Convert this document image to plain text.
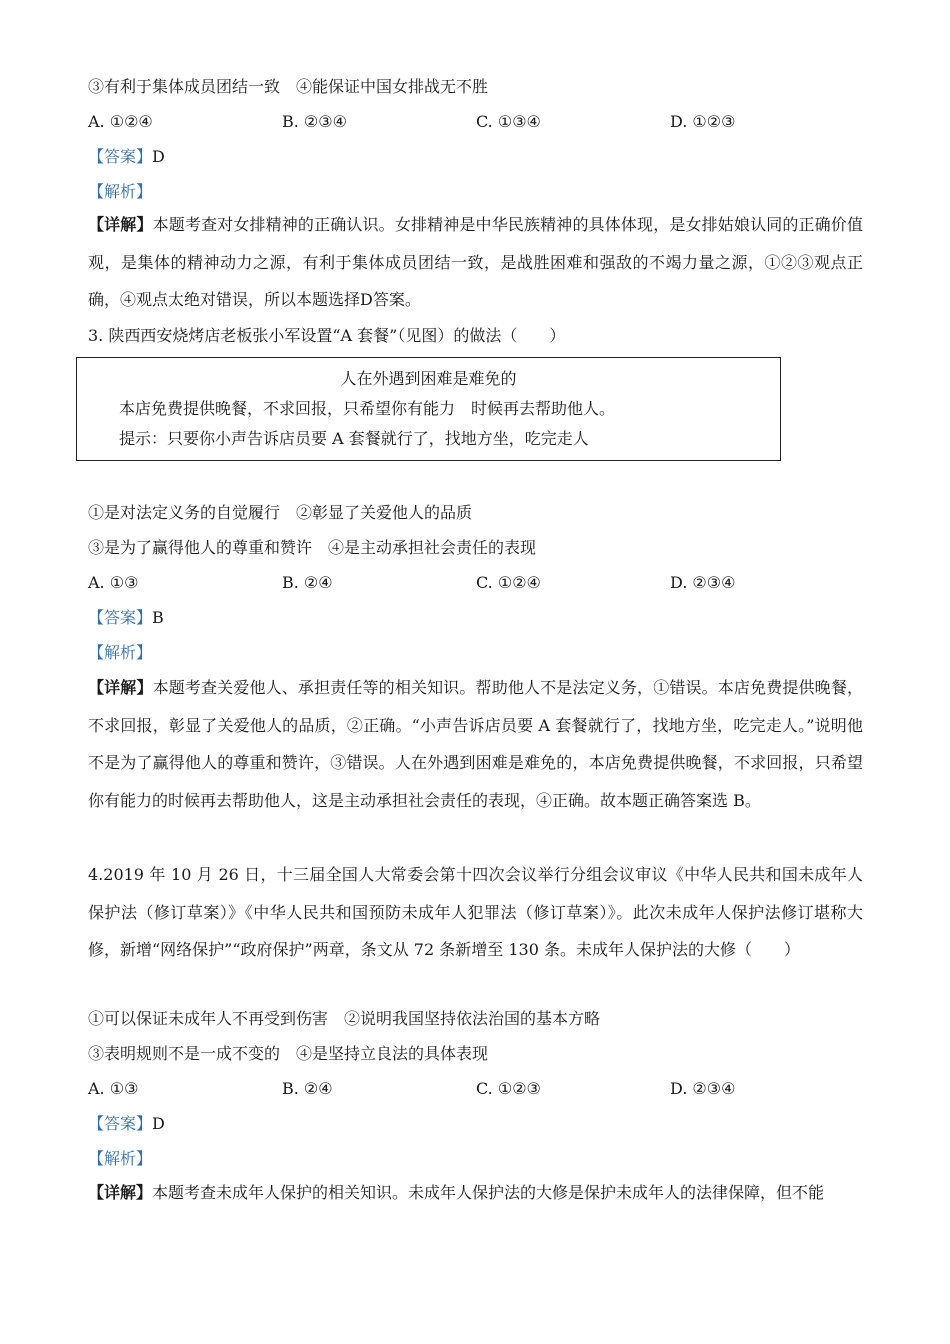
③有利于集体成员团结一致　④能保证中国女排战无不胜
A. ①②④	B. ②③④	C. ①③④	D. ①②③
【答案】D
【解析】
【详解】本题考查对女排精神的正确认识。女排精神是中华民族精神的具体体现，是女排姑娘认同的正确价值观，是集体的精神动力之源，有利于集体成员团结一致，是战胜困难和强敌的不竭力量之源，①②③观点正确，④观点太绝对错误，所以本题选择D答案。
3. 陕西西安烧烤店老板张小军设置“A 套餐”（见图）的做法（　　）
人在外遇到困难是难免的
本店免费提供晚餐，不求回报，只希望你有能力　时候再去帮助他人。
提示：只要你小声告诉店员要 A 套餐就行了，找地方坐，吃完走人
①是对法定义务的自觉履行　②彰显了关爱他人的品质
③是为了赢得他人的尊重和赞许　④是主动承担社会责任的表现
A. ①③	B. ②④	C. ①②④	D. ②③④
【答案】B
【解析】
【详解】本题考查关爱他人、承担责任等的相关知识。帮助他人不是法定义务，①错误。本店免费提供晚餐，不求回报，彰显了关爱他人的品质，②正确。“小声告诉店员要 A 套餐就行了，找地方坐，吃完走人。”说明他不是为了赢得他人的尊重和赞许，③错误。人在外遇到困难是难免的，本店免费提供晚餐，不求回报，只希望你有能力的时候再去帮助他人，这是主动承担社会责任的表现，④正确。故本题正确答案选 B。
4.2019 年 10 月 26 日，十三届全国人大常委会第十四次会议举行分组会议审议《中华人民共和国未成年人保护法（修订草案）》《中华人民共和国预防未成年人犯罪法（修订草案）》。此次未成年人保护法修订堪称大修，新增“网络保护”“政府保护”两章，条文从 72 条新增至 130 条。未成年人保护法的大修（　　）
①可以保证未成年人不再受到伤害　②说明我国坚持依法治国的基本方略
③表明规则不是一成不变的　④是坚持立良法的具体表现
A. ①③	B. ②④	C. ①②③	D. ②③④
【答案】D
【解析】
【详解】本题考查未成年人保护的相关知识。未成年人保护法的大修是保护未成年人的法律保障，但不能
